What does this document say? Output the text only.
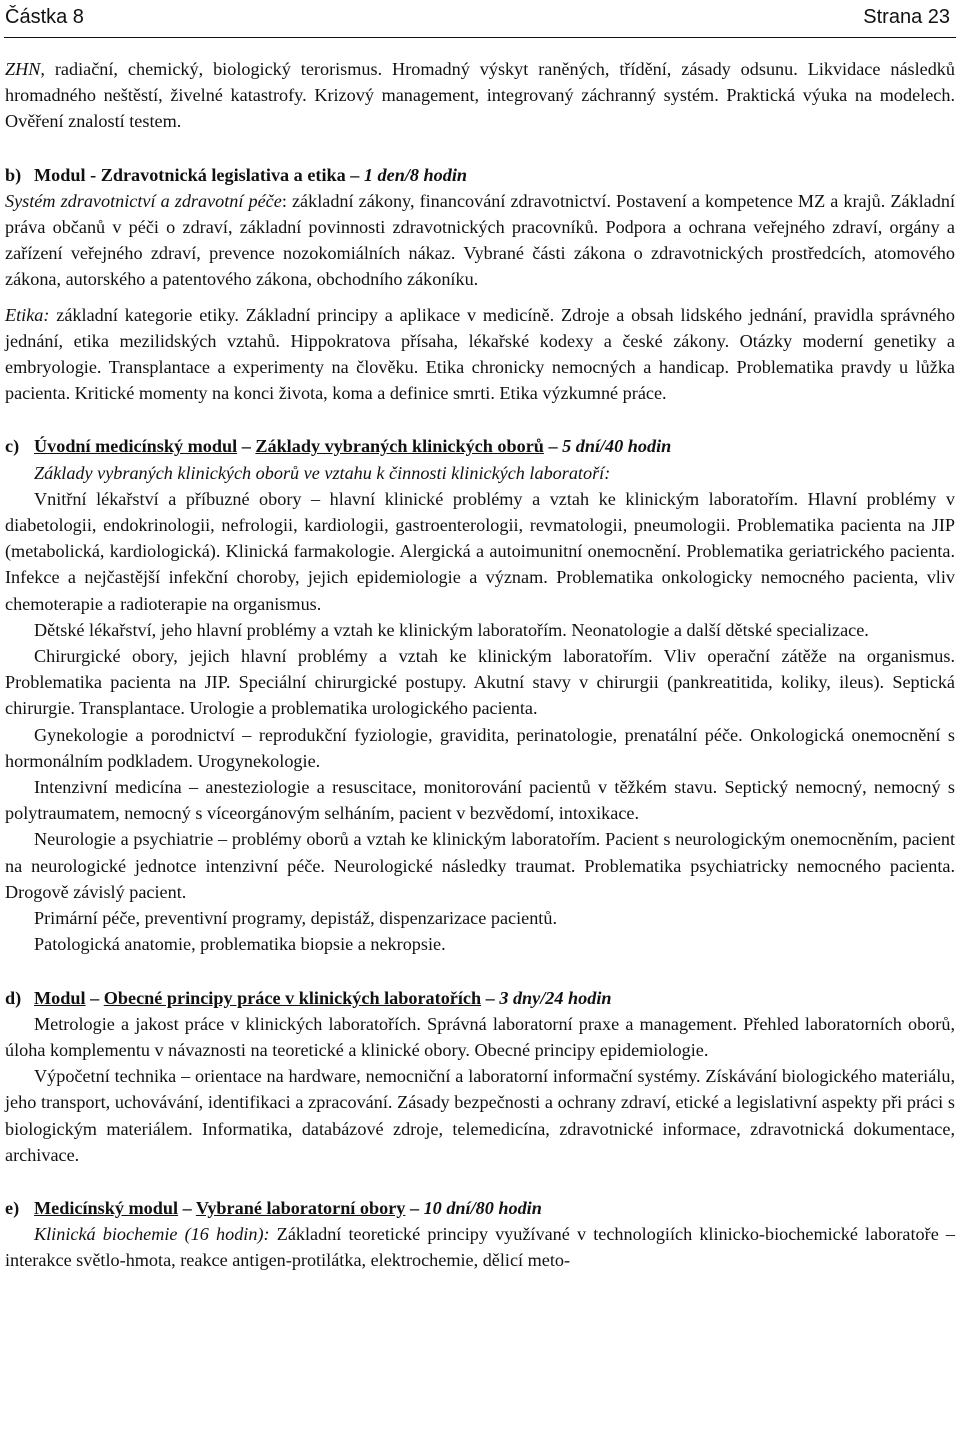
Částka 8	Strana 23

ZHN, radiační, chemický, biologický terorismus. Hromadný výskyt raněných, třídění, zásady odsunu. Likvidace následků hromadného neštěstí, živelné katastrofy. Krizový management, integrovaný záchranný systém. Praktická výuka na modelech. Ověření znalostí testem.

b) Modul - Zdravotnická legislativa a etika – 1 den/8 hodin

Systém zdravotnictví a zdravotní péče: základní zákony, financování zdravotnictví. Postavení a kompetence MZ a krajů. Základní práva občanů v péči o zdraví, základní povinnosti zdravotnických pracovníků. Podpora a ochrana veřejného zdraví, orgány a zařízení veřejného zdraví, prevence nozokomiálních nákaz. Vybrané části zákona o zdravotnických prostředcích, atomového zákona, autorského a patentového zákona, obchodního zákoníku.

Etika: základní kategorie etiky. Základní principy a aplikace v medicíně. Zdroje a obsah lidského jednání, pravidla správného jednání, etika mezilidských vztahů. Hippokratova přísaha, lékařské kodexy a české zákony. Otázky moderní genetiky a embryologie. Transplantace a experimenty na člověku. Etika chronicky nemocných a handicap. Problematika pravdy u lůžka pacienta. Kritické momenty na konci života, koma a definice smrti. Etika výzkumné práce.

c) Úvodní medicínský modul – Základy vybraných klinických oborů – 5 dní/40 hodin

Základy vybraných klinických oborů ve vztahu k činnosti klinických laboratoří:

Vnitřní lékařství a příbuzné obory – hlavní klinické problémy a vztah ke klinickým laboratořím. Hlavní problémy v diabetologii, endokrinologii, nefrologii, kardiologii, gastroenterologii, revmatologii, pneumologii. Problematika pacienta na JIP (metabolická, kardiologická). Klinická farmakologie. Alergická a autoimunitní onemocnění. Problematika geriatrického pacienta. Infekce a nejčastější infekční choroby, jejich epidemiologie a význam. Problematika onkologicky nemocného pacienta, vliv chemoterapie a radioterapie na organismus.

Dětské lékařství, jeho hlavní problémy a vztah ke klinickým laboratořím. Neonatologie a další dětské specializace.

Chirurgické obory, jejich hlavní problémy a vztah ke klinickým laboratořím. Vliv operační zátěže na organismus. Problematika pacienta na JIP. Speciální chirurgické postupy. Akutní stavy v chirurgii (pankreatitida, koliky, ileus). Septická chirurgie. Transplantace. Urologie a problematika urologického pacienta.

Gynekologie a porodnictví – reprodukční fyziologie, gravidita, perinatologie, prenatální péče. Onkologická onemocnění s hormonálním podkladem. Urogynekologie.

Intenzivní medicína – anesteziologie a resuscitace, monitorování pacientů v těžkém stavu. Septický nemocný, nemocný s polytraumatem, nemocný s víceorgánovým selháním, pacient v bezvědomí, intoxikace.

Neurologie a psychiatrie – problémy oborů a vztah ke klinickým laboratořím. Pacient s neurologickým onemocněním, pacient na neurologické jednotce intenzivní péče. Neurologické následky traumat. Problematika psychiatricky nemocného pacienta. Drogově závislý pacient.

Primární péče, preventivní programy, depistáž, dispenzarizace pacientů.

Patologická anatomie, problematika biopsie a nekropsie.

d) Modul – Obecné principy práce v klinických laboratořích – 3 dny/24 hodin

Metrologie a jakost práce v klinických laboratořích. Správná laboratorní praxe a management. Přehled laboratorních oborů, úloha komplementu v návaznosti na teoretické a klinické obory. Obecné principy epidemiologie.

Výpočetní technika – orientace na hardware, nemocniční a laboratorní informační systémy. Získávání biologického materiálu, jeho transport, uchovávání, identifikaci a zpracování. Zásady bezpečnosti a ochrany zdraví, etické a legislativní aspekty při práci s biologickým materiálem. Informatika, databázové zdroje, telemedicína, zdravotnické informace, zdravotnická dokumentace, archivace.

e) Medicínský modul – Vybrané laboratorní obory – 10 dní/80 hodin

Klinická biochemie (16 hodin): Základní teoretické principy využívané v technologiích klinicko-biochemické laboratoře – interakce světlo-hmota, reakce antigen-protilátka, elektrochemie, dělicí meto-
